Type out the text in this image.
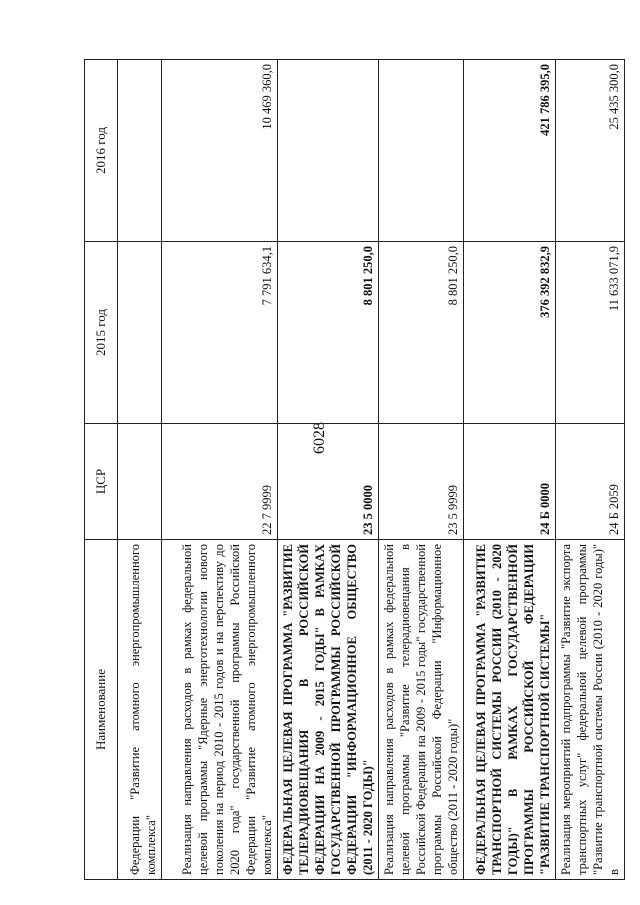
6028
Наименование	ЦСР	2015 год	2016 год
Федерации "Развитие атомного энергопромышленного комплекса"			
Реализация направления расходов в рамках федеральной целевой программы "Ядерные энерготехнологии нового поколения на период 2010 - 2015 годов и на перспективу до 2020 года" государственной программы Российской Федерации "Развитие атомного энергопромышленного комплекса"	22 7 9999	7 791 634,1	10 469 360,0
ФЕДЕРАЛЬНАЯ ЦЕЛЕВАЯ ПРОГРАММА "РАЗВИТИЕ ТЕЛЕРАДИОВЕЩАНИЯ В РОССИЙСКОЙ ФЕДЕРАЦИИ НА 2009 - 2015 ГОДЫ" В РАМКАХ ГОСУДАРСТВЕННОЙ ПРОГРАММЫ РОССИЙСКОЙ ФЕДЕРАЦИИ "ИНФОРМАЦИОННОЕ ОБЩЕСТВО (2011 - 2020 ГОДЫ)"	23 5 0000	8 801 250,0	
Реализация направления расходов в рамках федеральной целевой программы "Развитие телерадиовещания в Российской Федерации на 2009 - 2015 годы" государственной программы Российской Федерации "Информационное общество (2011 - 2020 годы)"	23 5 9999	8 801 250,0	
ФЕДЕРАЛЬНАЯ ЦЕЛЕВАЯ ПРОГРАММА "РАЗВИТИЕ ТРАНСПОРТНОЙ СИСТЕМЫ РОССИИ (2010 - 2020 ГОДЫ)" В РАМКАХ ГОСУДАРСТВЕННОЙ ПРОГРАММЫ РОССИЙСКОЙ ФЕДЕРАЦИИ "РАЗВИТИЕ ТРАНСПОРТНОЙ СИСТЕМЫ"	24 Б 0000	376 392 832,9	421 786 395,0
Реализация мероприятий подпрограммы "Развитие экспорта транспортных услуг" федеральной целевой программы "Развитие транспортной системы России (2010 - 2020 годы)" в	24 Б 2059	11 633 071,9	25 435 300,0
